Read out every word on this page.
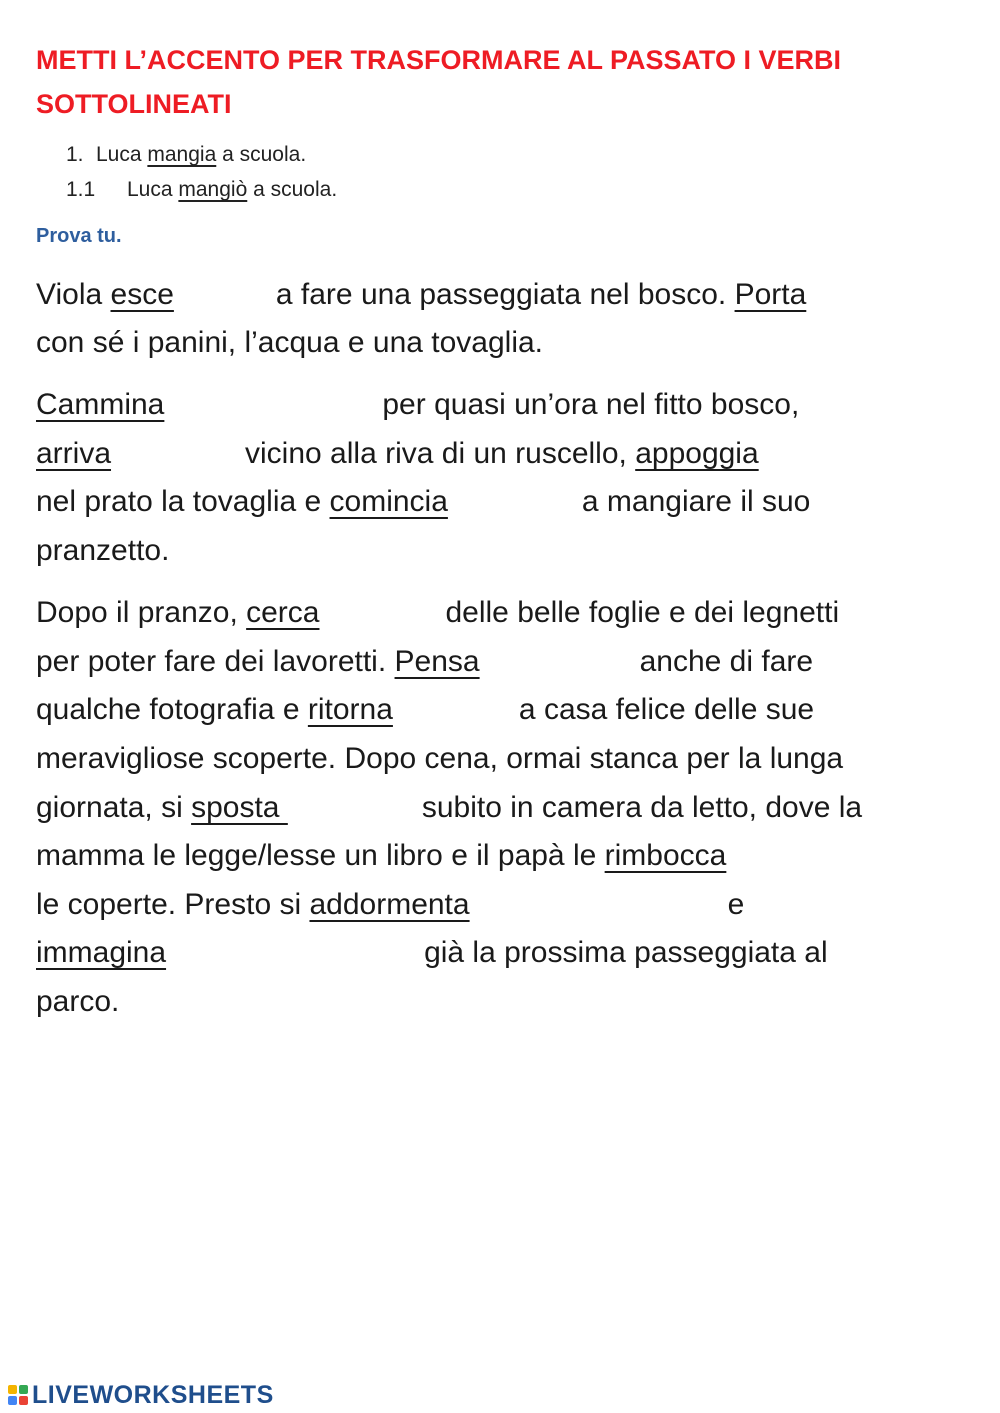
METTI L’ACCENTO PER TRASFORMARE AL PASSATO I VERBI SOTTOLINEATI
1. Luca mangia a scuola.
1.1 Luca mangiò a scuola.
Prova tu.
Viola esce	a fare una passeggiata nel bosco. Porta
con sé i panini, l’acqua e una tovaglia.
Cammina	per quasi un’ora nel fitto bosco,
arriva	vicino alla riva di un ruscello, appoggia
nel prato la tovaglia e comincia	a mangiare il suo
pranzetto.
Dopo il pranzo, cerca	delle belle foglie e dei legnetti
per poter fare dei lavoretti. Pensa	anche di fare
qualche fotografia e ritorna	a casa felice delle sue
meravigliose scoperte. Dopo cena, ormai stanca per la lunga
giornata, si sposta	subito in camera da letto, dove la
mamma le legge/lesse un libro e il papà le rimbocca
le coperte. Presto si addormenta	e
immagina	già la prossima passeggiata al
parco.
LIVEWORKSHEETS
